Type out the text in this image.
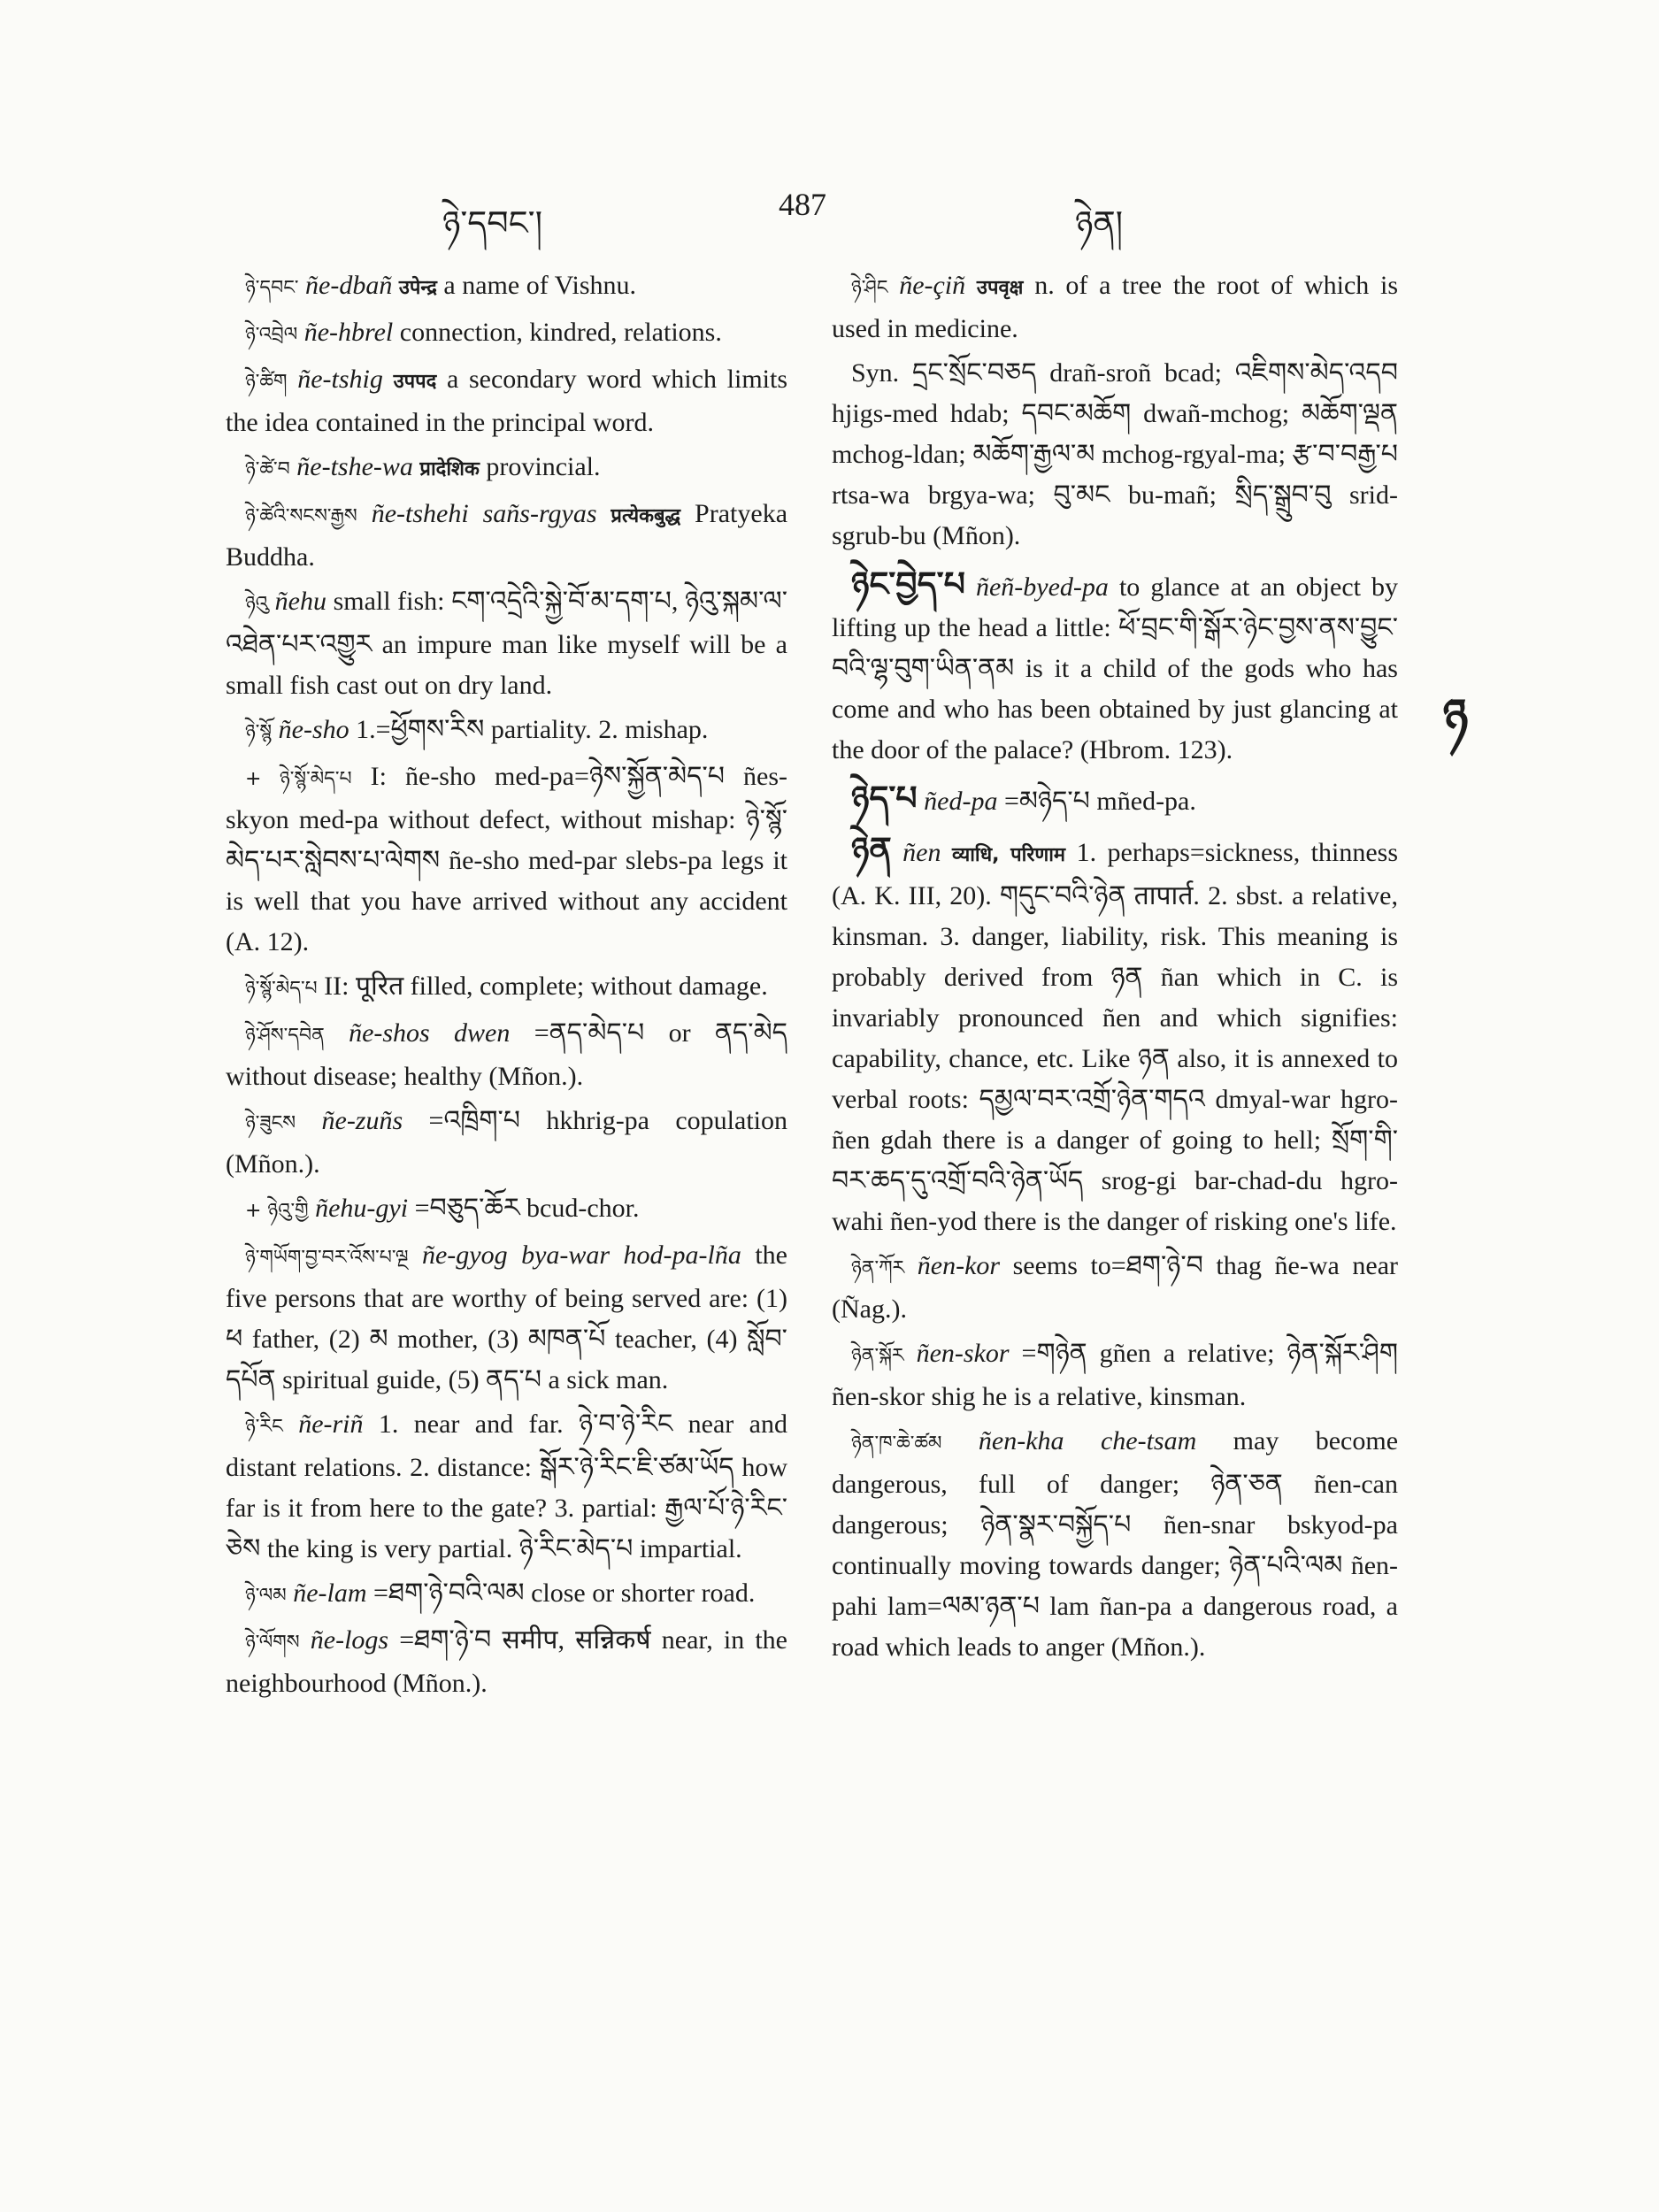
ཉེ་དབང་།	487	ཉེན།

ཉེ་དབང་ ñe-dbañ उपेन्द्र a name of Vishnu.

ཉེ་འབྲེལ ñe-hbrel connection, kindred, relations.

ཉེ་ཚིག ñe-tshig उपपद a secondary word which limits the idea contained in the principal word.

ཉེ་ཚེ་བ ñe-tshe-wa प्रादेशिक provincial.

ཉེ་ཚེའི་སངས་རྒྱས ñe-tshehi sañs-rgyas प्रत्येकबुद्ध Pratyeka Buddha.

ཉེའུ ñehu small fish: ངག་འདྲེའི་སྐྱེ་བོ་མ་དག་པ, ཉེའུ་སྐམ་ལ་འཐེན་པར་འགྱུར an impure man like myself will be a small fish cast out on dry land.

ཉེ་སྙོ ñe-sho 1.=ཕྱོགས་རིས partiality. 2. mishap.

+ ཉེ་སྙོ་མེད་པ I: ñe-sho med-pa=ཉེས་སྐྱོན་མེད་པ ñes-skyon med-pa without defect, without mishap: ཉེ་སྙོ་མེད་པར་སླེབས་པ་ལེགས ñe-sho med-par slebs-pa legs it is well that you have arrived without any accident (A. 12).

ཉེ་སྙོ་མེད་པ II: पूरित filled, complete; without damage.

ཉེ་ཤོས་དབེན ñe-shos dwen =ནད་མེད་པ or ནད་མེད without disease; healthy (Mñon.).

ཉེ་ཟུངས ñe-zuñs =འཁྲིག་པ hkhrig-pa copulation (Mñon.).

+ ཉེའུ་གྱི ñehu-gyi =བཅུད་ཆོར bcud-chor.

ཉེ་གཡོག་བྱ་བར་འོས་པ་ལྔ ñe-gyog bya-war hod-pa-lña the five persons that are worthy of being served are: (1) ཕ father, (2) མ mother, (3) མཁན་པོ teacher, (4) སློབ་དཔོན spiritual guide, (5) ནད་པ a sick man.

ཉེ་རིང ñe-riñ 1. near and far. ཉེ་བ་ཉེ་རིང near and distant relations. 2. distance: སྒོར་ཉེ་རིང་ཇི་ཙམ་ཡོད how far is it from here to the gate? 3. partial: རྒྱལ་པོ་ཉེ་རིང་ཅེས the king is very partial. ཉེ་རིང་མེད་པ impartial.

ཉེ་ལམ ñe-lam =ཐག་ཉེ་བའི་ལམ close or shorter road.

ཉེ་ལོགས ñe-logs =ཐག་ཉེ་བ समीप, सन्निकर्ष near, in the neighbourhood (Mñon.).

ཉེ་ཤིང ñe-çiñ उपवृक्ष n. of a tree the root of which is used in medicine.

Syn. དྲང་སྲོང་བཅད drañ-sroñ bcad; འཇིགས་མེད་འདབ hjigs-med hdab; དབང་མཆོག dwañ-mchog; མཆོག་ལྡན mchog-ldan; མཆོག་རྒྱལ་མ mchog-rgyal-ma; རྩ་བ་བརྒྱ་པ rtsa-wa brgya-wa; བུ་མང bu-mañ; སྲིད་སྒྲུབ་བུ srid-sgrub-bu (Mñon).

ཉེང་བྱེད་པ ñeñ-byed-pa to glance at an object by lifting up the head a little: ཕོ་བྲང་གི་སྒོར་ཉེང་བྱས་ནས་བྱུང་བའི་ལྷ་བུག་ཡིན་ནམ is it a child of the gods who has come and who has been obtained by just glancing at the door of the palace? (Hbrom. 123).

ཉེད་པ ñed-pa =མཉེད་པ mñed-pa.

ཉེན ñen व्याधि, परिणाम 1. perhaps=sickness, thinness (A. K. III, 20). གདུང་བའི་ཉེན तापार्त. 2. sbst. a relative, kinsman. 3. danger, liability, risk. This meaning is probably derived from ཉན ñan which in C. is invariably pronounced ñen and which signifies: capability, chance, etc. Like ཉན also, it is annexed to verbal roots: དམྱལ་བར་འགྲོ་ཉེན་གདའ dmyal-war hgro-ñen gdah there is a danger of going to hell; སྲོག་གི་བར་ཆད་དུ་འགྲོ་བའི་ཉེན་ཡོད srog-gi bar-chad-du hgro-wahi ñen-yod there is the danger of risking one's life.

ཉེན་ཀོར ñen-kor seems to=ཐག་ཉེ་བ thag ñe-wa near (Ñag.).

ཉེན་སྐོར ñen-skor =གཉེན gñen a relative; ཉེན་སྐོར་ཤིག ñen-skor shig he is a relative, kinsman.

ཉེན་ཁ་ཆེ་ཚམ ñen-kha che-tsam may become dangerous, full of danger; ཉེན་ཅན ñen-can dangerous; ཉེན་སྣར་བསྐྱོད་པ ñen-snar bskyod-pa continually moving towards danger; ཉེན་པའི་ལམ ñen-pahi lam=ལམ་ཉན་པ lam ñan-pa a dangerous road, a road which leads to anger (Mñon.).

ཉ
